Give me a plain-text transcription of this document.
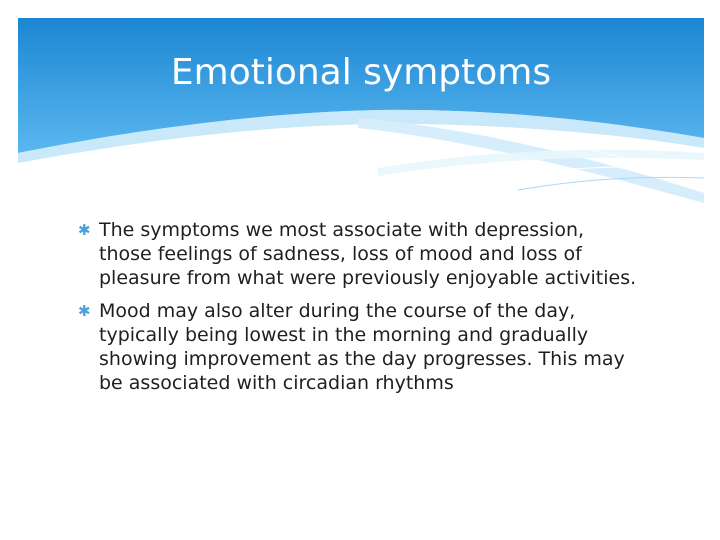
Emotional symptoms
✱ The symptoms we most associate with depression, those feelings of sadness, loss of mood and loss of pleasure from what were previously enjoyable activities.
✱ Mood may also alter during the course of the day, typically being lowest in the morning and gradually showing improvement as the day progresses. This may be associated with circadian rhythms
